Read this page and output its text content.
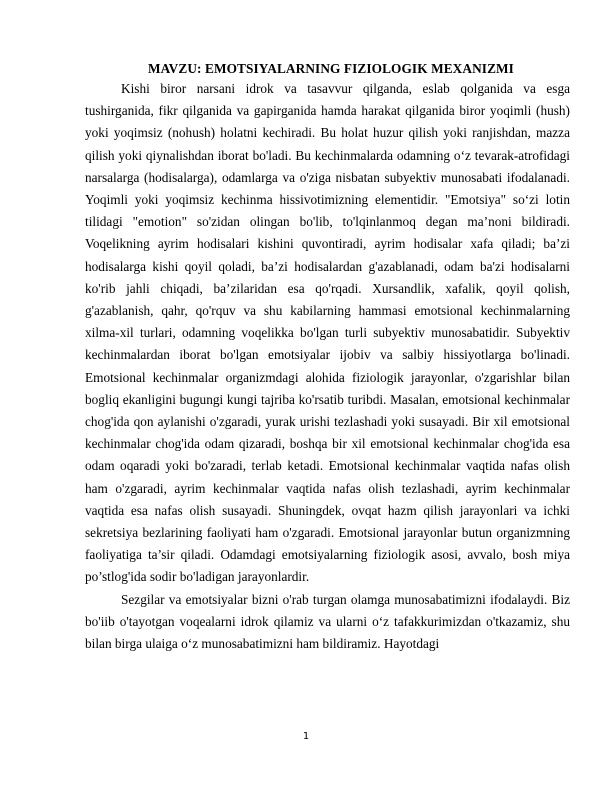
MAVZU: EMOTSIYALARNING FIZIOLOGIK MEXANIZMI

Kishi biror narsani idrok va tasavvur qilganda, eslab qolganida va esga tushirganida, fikr qilganida va gapirganida hamda harakat qilganida biror yoqimli (hush) yoki yoqimsiz (nohush) holatni kechiradi. Bu holat huzur qilish yoki ranjishdan, mazza qilish yoki qiynalishdan iborat bo'ladi. Bu kechinmalarda odamning o‘z tevarak-atrofidagi narsalarga (hodisalarga), odamlarga va o'ziga nisbatan subyektiv munosabati ifodalanadi. Yoqimli yoki yoqimsiz kechinma hissivotimizning elementidir. "Emotsiya" so‘zi lotin tilidagi "emotion" so'zidan olingan bo'lib, to'lqinlanmoq degan ma’noni bildiradi. Voqelikning ayrim hodisalari kishini quvontiradi, ayrim hodisalar xafa qiladi; ba’zi hodisalarga kishi qoyil qoladi, ba’zi hodisalardan g'azablanadi, odam ba'zi hodisalarni ko'rib jahli chiqadi, ba’zilaridan esa qo'rqadi. Xursandlik, xafalik, qoyil qolish, g'azablanish, qahr, qo'rquv va shu kabilarning hammasi emotsional kechinmalarning xilma-xil turlari, odamning voqelikka bo'lgan turli subyektiv munosabatidir. Subyektiv kechinmalardan iborat bo'lgan emotsiyalar ijobiv va salbiy hissiyotlarga bo'linadi. Emotsional kechinmalar organizmdagi alohida fiziologik jarayonlar, o'zgarishlar bilan bogliq ekanligini bugungi kungi tajriba ko'rsatib turibdi. Masalan, emotsional kechinmalar chog'ida qon aylanishi o'zgaradi, yurak urishi tezlashadi yoki susayadi. Bir xil emotsional kechinmalar chog'ida odam qizaradi, boshqa bir xil emotsional kechinmalar chog'ida esa odam oqaradi yoki bo'zaradi, terlab ketadi. Emotsional kechinmalar vaqtida nafas olish ham o'zgaradi, ayrim kechinmalar vaqtida nafas olish tezlashadi, ayrim kechinmalar vaqtida esa nafas olish susayadi. Shuningdek, ovqat hazm qilish jarayonlari va ichki sekretsiya bezlarining faoliyati ham o'zgaradi. Emotsional jarayonlar butun organizmning faoliyatiga ta’sir qiladi. Odamdagi emotsiyalarning fiziologik asosi, avvalo, bosh miya po’stlog'ida sodir bo'ladigan jarayonlardir.

Sezgilar va emotsiyalar bizni o'rab turgan olamga munosabatimizni ifodalaydi. Biz bo'iib o'tayotgan voqealarni idrok qilamiz va ularni o‘z tafakkurimizdan o'tkazamiz, shu bilan birga ulaiga o‘z munosabatimizni ham bildiramiz. Hayotdagi

1
